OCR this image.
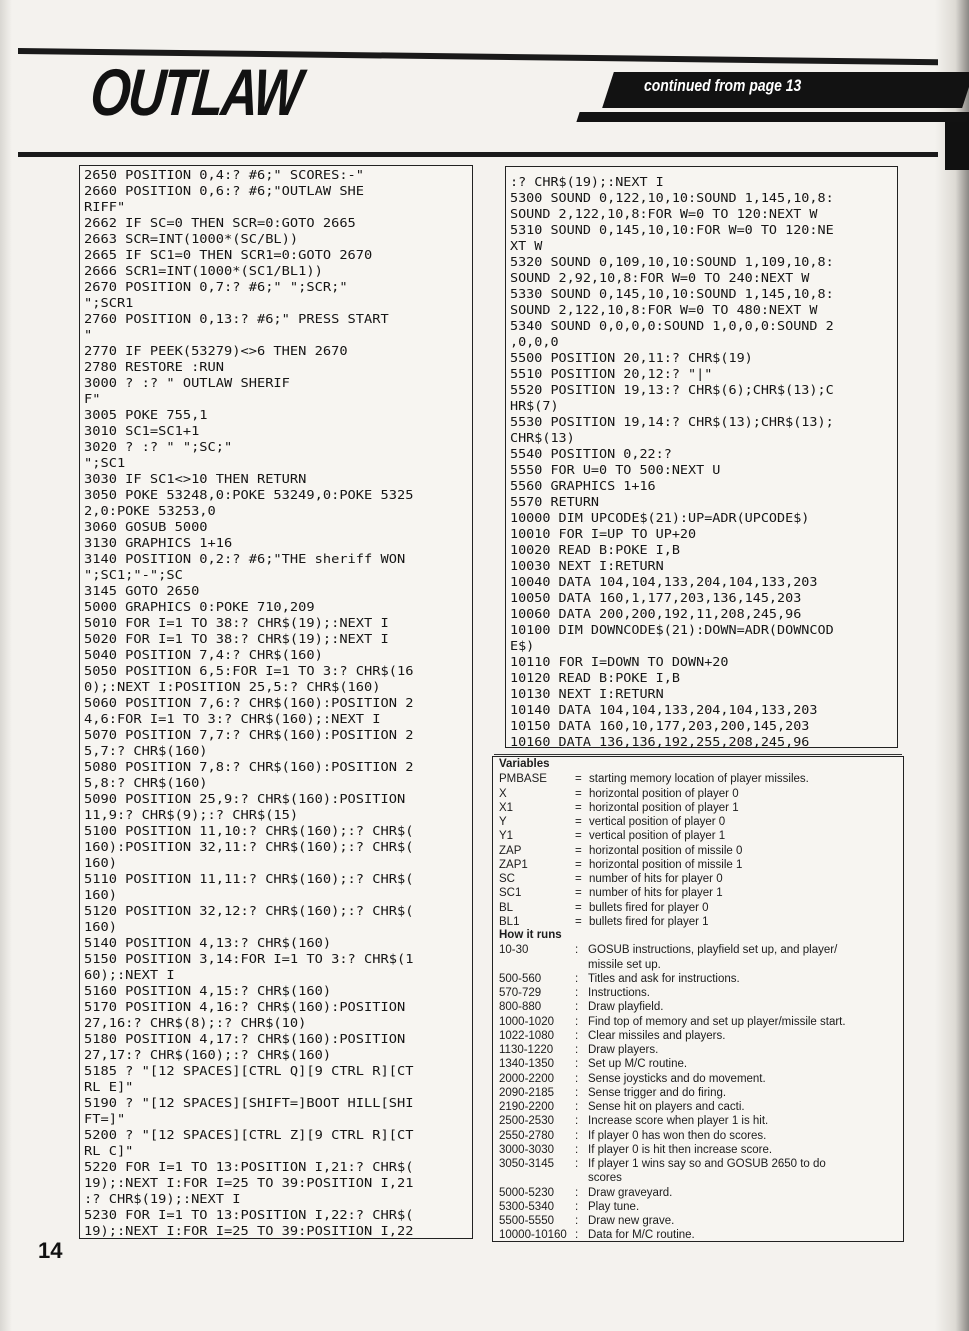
OUTLAW	continued from page 13
2650 POSITION 0,4:? #6;" SCORES:-"
2660 POSITION 0,6:? #6;"OUTLAW SHE
RIFF"
2662 IF SC=0 THEN SCR=0:GOTO 2665
2663 SCR=INT(1000*(SC/BL))
2665 IF SC1=0 THEN SCR1=0:GOTO 2670
2666 SCR1=INT(1000*(SC1/BL1))
2670 POSITION 0,7:? #6;" ";SCR;"
";SCR1
2760 POSITION 0,13:? #6;" PRESS START
"
2770 IF PEEK(53279)<>6 THEN 2670
2780 RESTORE :RUN
3000 ? :? " OUTLAW SHERIF
F"
3005 POKE 755,1
3010 SC1=SC1+1
3020 ? :? " ";SC;"
";SC1
3030 IF SC1<>10 THEN RETURN
3050 POKE 53248,0:POKE 53249,0:POKE 5325
2,0:POKE 53253,0
3060 GOSUB 5000
3130 GRAPHICS 1+16
3140 POSITION 0,2:? #6;"THE sheriff WON
";SC1;"-";SC
3145 GOTO 2650
5000 GRAPHICS 0:POKE 710,209
5010 FOR I=1 TO 38:? CHR$(19);:NEXT I
5020 FOR I=1 TO 38:? CHR$(19);:NEXT I
5040 POSITION 7,4:? CHR$(160)
5050 POSITION 6,5:FOR I=1 TO 3:? CHR$(16
0);:NEXT I:POSITION 25,5:? CHR$(160)
5060 POSITION 7,6:? CHR$(160):POSITION 2
4,6:FOR I=1 TO 3:? CHR$(160);:NEXT I
5070 POSITION 7,7:? CHR$(160):POSITION 2
5,7:? CHR$(160)
5080 POSITION 7,8:? CHR$(160):POSITION 2
5,8:? CHR$(160)
5090 POSITION 25,9:? CHR$(160):POSITION
11,9:? CHR$(9);:? CHR$(15)
5100 POSITION 11,10:? CHR$(160);:? CHR$(
160):POSITION 32,11:? CHR$(160);:? CHR$(
160)
5110 POSITION 11,11:? CHR$(160);:? CHR$(
160)
5120 POSITION 32,12:? CHR$(160);:? CHR$(
160)
5140 POSITION 4,13:? CHR$(160)
5150 POSITION 3,14:FOR I=1 TO 3:? CHR$(1
60);:NEXT I
5160 POSITION 4,15:? CHR$(160)
5170 POSITION 4,16:? CHR$(160):POSITION
27,16:? CHR$(8);:? CHR$(10)
5180 POSITION 4,17:? CHR$(160):POSITION
27,17:? CHR$(160);:? CHR$(160)
5185 ? "[12 SPACES][CTRL Q][9 CTRL R][CT
RL E]"
5190 ? "[12 SPACES][SHIFT=]BOOT HILL[SHI
FT=]"
5200 ? "[12 SPACES][CTRL Z][9 CTRL R][CT
RL C]"
5220 FOR I=1 TO 13:POSITION I,21:? CHR$(
19);:NEXT I:FOR I=25 TO 39:POSITION I,21
:? CHR$(19);:NEXT I
5230 FOR I=1 TO 13:POSITION I,22:? CHR$(
19);:NEXT I:FOR I=25 TO 39:POSITION I,22
:? CHR$(19);:NEXT I
5300 SOUND 0,122,10,10:SOUND 1,145,10,8:
SOUND 2,122,10,8:FOR W=0 TO 120:NEXT W
5310 SOUND 0,145,10,10:FOR W=0 TO 120:NE
XT W
5320 SOUND 0,109,10,10:SOUND 1,109,10,8:
SOUND 2,92,10,8:FOR W=0 TO 240:NEXT W
5330 SOUND 0,145,10,10:SOUND 1,145,10,8:
SOUND 2,122,10,8:FOR W=0 TO 480:NEXT W
5340 SOUND 0,0,0,0:SOUND 1,0,0,0:SOUND 2
,0,0,0
5500 POSITION 20,11:? CHR$(19)
5510 POSITION 20,12:? "|"
5520 POSITION 19,13:? CHR$(6);CHR$(13);C
HR$(7)
5530 POSITION 19,14:? CHR$(13);CHR$(13);
CHR$(13)
5540 POSITION 0,22:?
5550 FOR U=0 TO 500:NEXT U
5560 GRAPHICS 1+16
5570 RETURN
10000 DIM UPCODE$(21):UP=ADR(UPCODE$)
10010 FOR I=UP TO UP+20
10020 READ B:POKE I,B
10030 NEXT I:RETURN
10040 DATA 104,104,133,204,104,133,203
10050 DATA 160,1,177,203,136,145,203
10060 DATA 200,200,192,11,208,245,96
10100 DIM DOWNCODE$(21):DOWN=ADR(DOWNCOD
E$)
10110 FOR I=DOWN TO DOWN+20
10120 READ B:POKE I,B
10130 NEXT I:RETURN
10140 DATA 104,104,133,204,104,133,203
10150 DATA 160,10,177,203,200,145,203
10160 DATA 136,136,192,255,208,245,96
Variables
PMBASE = starting memory location of player missiles.
X	= horizontal position of player 0
X1	= horizontal position of player 1
Y	= vertical position of player 0
Y1	= vertical position of player 1
ZAP	= horizontal position of missile 0
ZAP1	= horizontal position of missile 1
SC	= number of hits for player 0
SC1	= number of hits for player 1
BL	= bullets fired for player 0
BL1	= bullets fired for player 1
How it runs
10-30	: GOSUB instructions, playfield set up, and player/
missile set up.
500-560	: Titles and ask for instructions.
570-729	: Instructions.
800-880	: Draw playfield.
1000-1020 : Find top of memory and set up player/missile start.
1022-1080 : Clear missiles and players.
1130-1220 : Draw players.
1340-1350 : Set up M/C routine.
2000-2200 : Sense joysticks and do movement.
2090-2185 : Sense trigger and do firing.
2190-2200 : Sense hit on players and cacti.
2500-2530 : Increase score when player 1 is hit.
2550-2780 : If player 0 has won then do scores.
3000-3030 : If player 0 is hit then increase score.
3050-3145 : If player 1 wins say so and GOSUB 2650 to do
scores
5000-5230 : Draw graveyard.
5300-5340 : Play tune.
5500-5550 : Draw new grave.
10000-10160 : Data for M/C routine.
14
